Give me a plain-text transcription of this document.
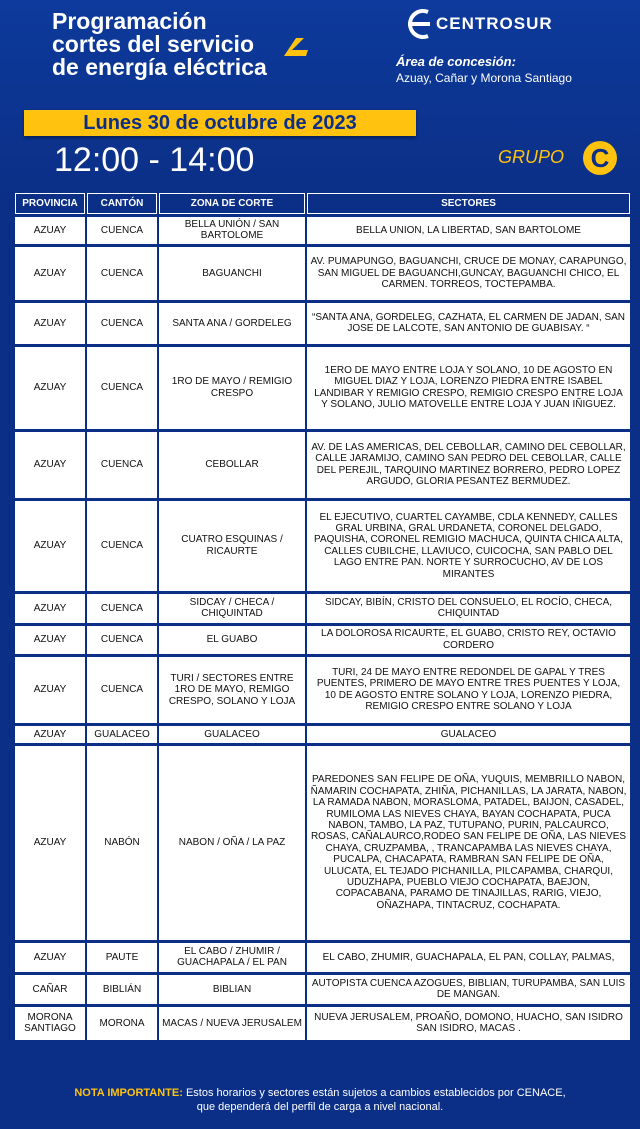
Programación
cortes del servicio
de energía eléctrica
CENTROSUR
Área de concesión:
Azuay, Cañar y Morona Santiago
Lunes 30 de octubre de 2023
12:00 - 14:00	GRUPO C
PROVINCIA	CANTÓN	ZONA DE CORTE	SECTORES
AZUAY	CUENCA	BELLA UNIÓN / SAN BARTOLOME	BELLA UNION, LA LIBERTAD, SAN BARTOLOME
AZUAY	CUENCA	BAGUANCHI	AV. PUMAPUNGO, BAGUANCHI, CRUCE DE MONAY, CARAPUNGO, SAN MIGUEL DE BAGUANCHI,GUNCAY, BAGUANCHI CHICO, EL CARMEN. TORREOS, TOCTEPAMBA.
AZUAY	CUENCA	SANTA ANA / GORDELEG	“SANTA ANA, GORDELEG, CAZHATA, EL CARMEN DE JADAN, SAN JOSE DE LALCOTE, SAN ANTONIO DE GUABISAY. “
AZUAY	CUENCA	1RO DE MAYO / REMIGIO CRESPO	1ERO DE MAYO ENTRE LOJA Y SOLANO, 10 DE AGOSTO EN MIGUEL DIAZ Y LOJA, LORENZO PIEDRA ENTRE ISABEL LANDIBAR Y REMIGIO CRESPO, REMIGIO CRESPO ENTRE LOJA Y SOLANO, JULIO MATOVELLE ENTRE LOJA Y JUAN IÑIGUEZ.
AZUAY	CUENCA	CEBOLLAR	AV. DE LAS AMERICAS, DEL CEBOLLAR, CAMINO DEL CEBOLLAR, CALLE JARAMIJO, CAMINO SAN PEDRO DEL CEBOLLAR, CALLE DEL PEREJIL, TARQUINO MARTINEZ BORRERO, PEDRO LOPEZ ARGUDO, GLORIA PESANTEZ BERMUDEZ.
AZUAY	CUENCA	CUATRO ESQUINAS / RICAURTE	EL EJECUTIVO, CUARTEL CAYAMBE, CDLA KENNEDY, CALLES GRAL URBINA, GRAL URDANETA, CORONEL DELGADO, PAQUISHA, CORONEL REMIGIO MACHUCA, QUINTA CHICA ALTA, CALLES CUBILCHE, LLAVIUCO, CUICOCHA, SAN PABLO DEL LAGO ENTRE PAN. NORTE Y SURROCUCHO, AV DE LOS MIRANTES
AZUAY	CUENCA	SIDCAY / CHECA / CHIQUINTAD	SIDCAY, BIBÍN, CRISTO DEL CONSUELO, EL ROCÍO, CHECA, CHIQUINTAD
AZUAY	CUENCA	EL GUABO	LA DOLOROSA RICAURTE, EL GUABO, CRISTO REY, OCTAVIO CORDERO
AZUAY	CUENCA	TURI / SECTORES ENTRE 1RO DE MAYO, REMIGO CRESPO, SOLANO Y LOJA	TURI, 24 DE MAYO ENTRE REDONDEL DE GAPAL Y TRES PUENTES, PRIMERO DE MAYO ENTRE TRES PUENTES Y LOJA, 10 DE AGOSTO ENTRE SOLANO Y LOJA, LORENZO PIEDRA, REMIGIO CRESPO ENTRE SOLANO Y LOJA
AZUAY	GUALACEO	GUALACEO	GUALACEO
AZUAY	NABÓN	NABON / OÑA / LA PAZ	PAREDONES SAN FELIPE DE OÑA, YUQUIS, MEMBRILLO NABON, ÑAMARIN COCHAPATA, ZHIÑA, PICHANILLAS, LA JARATA, NABON, LA RAMADA NABON, MORASLOMA, PATADEL, BAIJON, CASADEL, RUMILOMA LAS NIEVES CHAYA, BAYAN COCHAPATA, PUCA NABON, TAMBO, LA PAZ, TUTUPANO, PURIN, PALCAURCO, ROSAS, CAÑALAURCO,RODEO SAN FELIPE DE OÑA, LAS NIEVES CHAYA, CRUZPAMBA, , TRANCAPAMBA LAS NIEVES CHAYA, PUCALPA, CHACAPATA, RAMBRAN SAN FELIPE DE OÑA, ULUCATA, EL TEJADO PICHANILLA, PILCAPAMBA, CHARQUI, UDUZHAPA, PUEBLO VIEJO COCHAPATA, BAEJON, COPACABANA, PARAMO DE TINAJILLAS, RARIG, VIEJO, OÑAZHAPA, TINTACRUZ, COCHAPATA.
AZUAY	PAUTE	EL CABO / ZHUMIR / GUACHAPALA / EL PAN	EL CABO, ZHUMIR, GUACHAPALA, EL PAN, COLLAY, PALMAS,
CAÑAR	BIBLIÁN	BIBLIAN	AUTOPISTA CUENCA AZOGUES, BIBLIAN, TURUPAMBA, SAN LUIS DE MANGAN.
MORONA SANTIAGO	MORONA	MACAS / NUEVA JERUSALEM	NUEVA JERUSALEM, PROAÑO, DOMONO, HUACHO, SAN ISIDRO SAN ISIDRO, MACAS .
NOTA IMPORTANTE: Estos horarios y sectores están sujetos a cambios establecidos por CENACE,
que dependerá del perfil de carga a nivel nacional.
